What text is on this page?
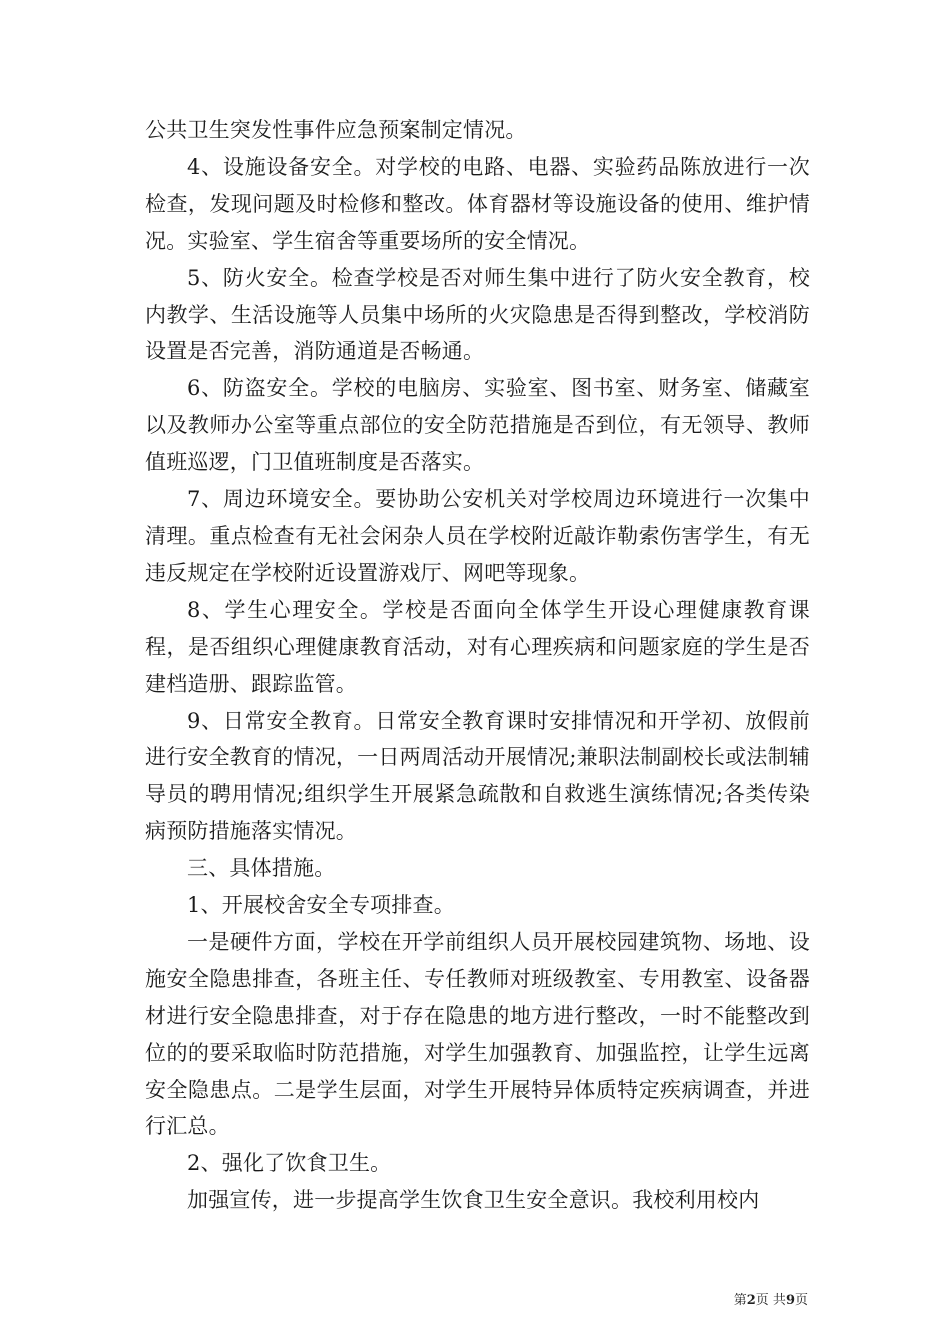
公共卫生突发性事件应急预案制定情况。

4、设施设备安全。对学校的电路、电器、实验药品陈放进行一次检查，发现问题及时检修和整改。体育器材等设施设备的使用、维护情况。实验室、学生宿舍等重要场所的安全情况。

5、防火安全。检查学校是否对师生集中进行了防火安全教育，校内教学、生活设施等人员集中场所的火灾隐患是否得到整改，学校消防设置是否完善，消防通道是否畅通。

6、防盗安全。学校的电脑房、实验室、图书室、财务室、储藏室以及教师办公室等重点部位的安全防范措施是否到位，有无领导、教师值班巡逻，门卫值班制度是否落实。

7、周边环境安全。要协助公安机关对学校周边环境进行一次集中清理。重点检查有无社会闲杂人员在学校附近敲诈勒索伤害学生，有无违反规定在学校附近设置游戏厅、网吧等现象。

8、学生心理安全。学校是否面向全体学生开设心理健康教育课程，是否组织心理健康教育活动，对有心理疾病和问题家庭的学生是否建档造册、跟踪监管。

9、日常安全教育。日常安全教育课时安排情况和开学初、放假前进行安全教育的情况，一日两周活动开展情况;兼职法制副校长或法制辅导员的聘用情况;组织学生开展紧急疏散和自救逃生演练情况;各类传染病预防措施落实情况。

三、具体措施。

1、开展校舍安全专项排查。

一是硬件方面，学校在开学前组织人员开展校园建筑物、场地、设施安全隐患排查，各班主任、专任教师对班级教室、专用教室、设备器材进行安全隐患排查，对于存在隐患的地方进行整改，一时不能整改到位的的要采取临时防范措施，对学生加强教育、加强监控，让学生远离安全隐患点。二是学生层面，对学生开展特异体质特定疾病调查，并进行汇总。

2、强化了饮食卫生。

加强宣传，进一步提高学生饮食卫生安全意识。我校利用校内

第2页 共9页
